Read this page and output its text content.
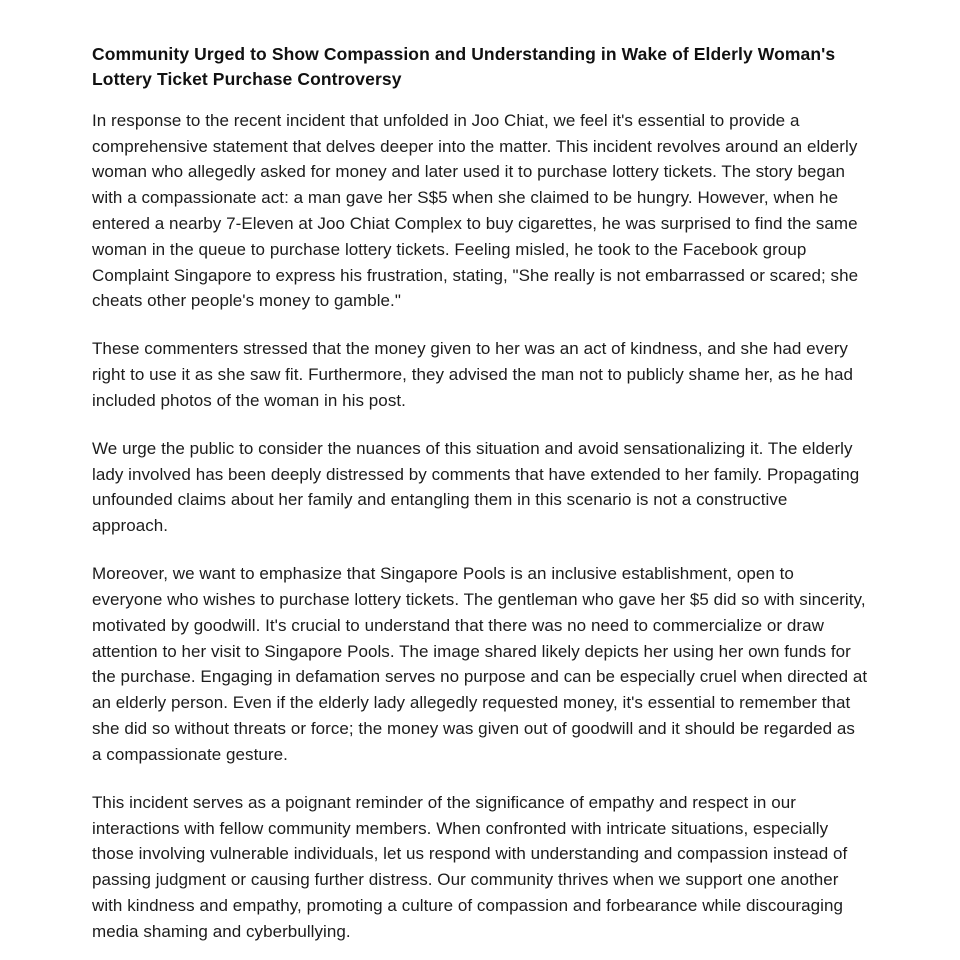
Community Urged to Show Compassion and Understanding in Wake of Elderly Woman's Lottery Ticket Purchase Controversy

In response to the recent incident that unfolded in Joo Chiat, we feel it's essential to provide a comprehensive statement that delves deeper into the matter. This incident revolves around an elderly woman who allegedly asked for money and later used it to purchase lottery tickets. The story began with a compassionate act: a man gave her S$5 when she claimed to be hungry. However, when he entered a nearby 7-Eleven at Joo Chiat Complex to buy cigarettes, he was surprised to find the same woman in the queue to purchase lottery tickets. Feeling misled, he took to the Facebook group Complaint Singapore to express his frustration, stating, "She really is not embarrassed or scared; she cheats other people's money to gamble."

These commenters stressed that the money given to her was an act of kindness, and she had every right to use it as she saw fit. Furthermore, they advised the man not to publicly shame her, as he had included photos of the woman in his post.

We urge the public to consider the nuances of this situation and avoid sensationalizing it. The elderly lady involved has been deeply distressed by comments that have extended to her family. Propagating unfounded claims about her family and entangling them in this scenario is not a constructive approach.

Moreover, we want to emphasize that Singapore Pools is an inclusive establishment, open to everyone who wishes to purchase lottery tickets. The gentleman who gave her $5 did so with sincerity, motivated by goodwill. It's crucial to understand that there was no need to commercialize or draw attention to her visit to Singapore Pools. The image shared likely depicts her using her own funds for the purchase. Engaging in defamation serves no purpose and can be especially cruel when directed at an elderly person. Even if the elderly lady allegedly requested money, it's essential to remember that she did so without threats or force; the money was given out of goodwill and it should be regarded as a compassionate gesture.

This incident serves as a poignant reminder of the significance of empathy and respect in our interactions with fellow community members. When confronted with intricate situations, especially those involving vulnerable individuals, let us respond with understanding and compassion instead of passing judgment or causing further distress. Our community thrives when we support one another with kindness and empathy, promoting a culture of compassion and forbearance while discouraging media shaming and cyberbullying.
